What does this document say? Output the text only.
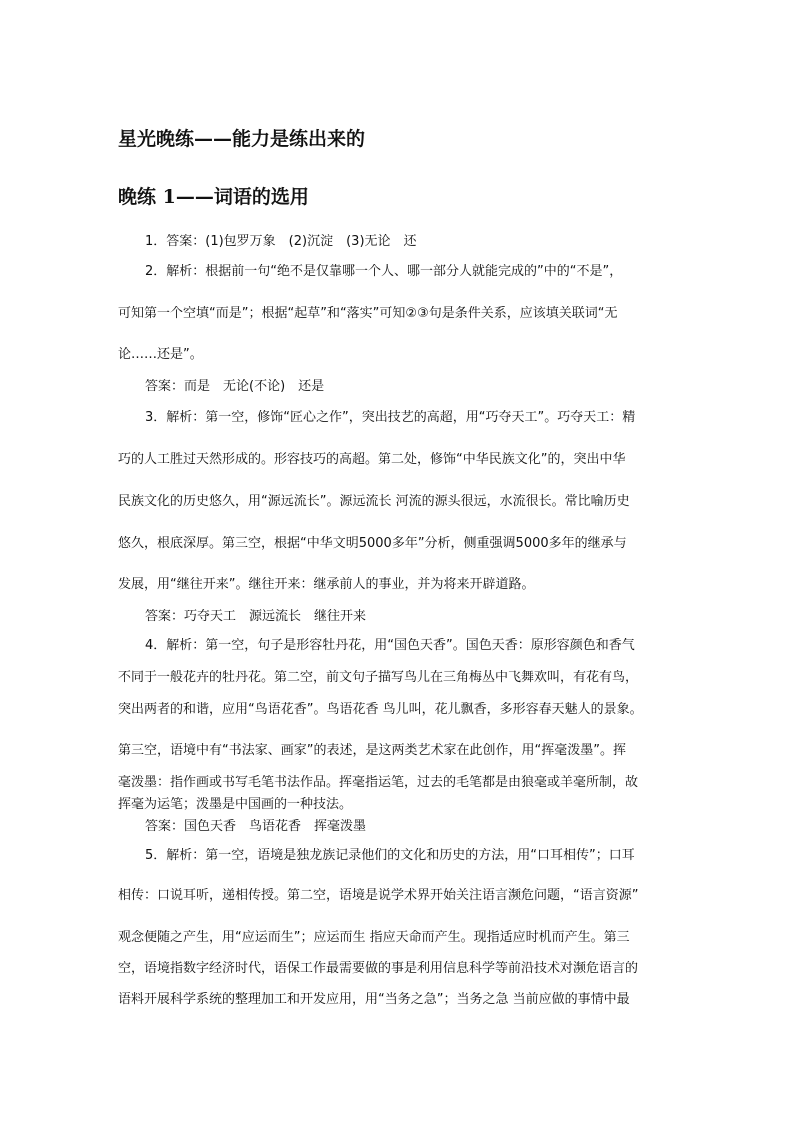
星光晚练——能力是练出来的
晚练 1——词语的选用
1．答案：(1)包罗万象　(2)沉淀　(3)无论　还
2．解析：根据前一句“绝不是仅靠哪一个人、哪一部分人就能完成的”中的“不是”，
可知第一个空填“而是”；根据“起草”和“落实”可知②③句是条件关系，应该填关联词“无
论……还是”。
答案：而是　无论(不论)　还是
3．解析：第一空，修饰“匠心之作”，突出技艺的高超，用“巧夺天工”。巧夺天工：精
巧的人工胜过天然形成的。形容技巧的高超。第二处，修饰“中华民族文化”的，突出中华
民族文化的历史悠久，用“源远流长”。源远流长 河流的源头很远，水流很长。常比喻历史
悠久，根底深厚。第三空，根据“中华文明5000多年”分析，侧重强调5000多年的继承与
发展，用“继往开来”。继往开来：继承前人的事业，并为将来开辟道路。
答案：巧夺天工　源远流长　继往开来
4．解析：第一空，句子是形容牡丹花，用“国色天香”。国色天香：原形容颜色和香气
不同于一般花卉的牡丹花。第二空，前文句子描写鸟儿在三角梅丛中飞舞欢叫，有花有鸟，
突出两者的和谐，应用“鸟语花香”。鸟语花香 鸟儿叫，花儿飘香，多形容春天魅人的景象。
第三空，语境中有“书法家、画家”的表述，是这两类艺术家在此创作，用“挥毫泼墨”。挥
毫泼墨：指作画或书写毛笔书法作品。挥毫指运笔，过去的毛笔都是由狼毫或羊毫所制，故
挥毫为运笔；泼墨是中国画的一种技法。
答案：国色天香　鸟语花香　挥毫泼墨
5．解析：第一空，语境是独龙族记录他们的文化和历史的方法，用“口耳相传”；口耳
相传：口说耳听，递相传授。第二空，语境是说学术界开始关注语言濒危问题，“语言资源”
观念便随之产生，用“应运而生”；应运而生 指应天命而产生。现指适应时机而产生。第三
空，语境指数字经济时代，语保工作最需要做的事是利用信息科学等前沿技术对濒危语言的
语料开展科学系统的整理加工和开发应用，用“当务之急”；当务之急 当前应做的事情中最
